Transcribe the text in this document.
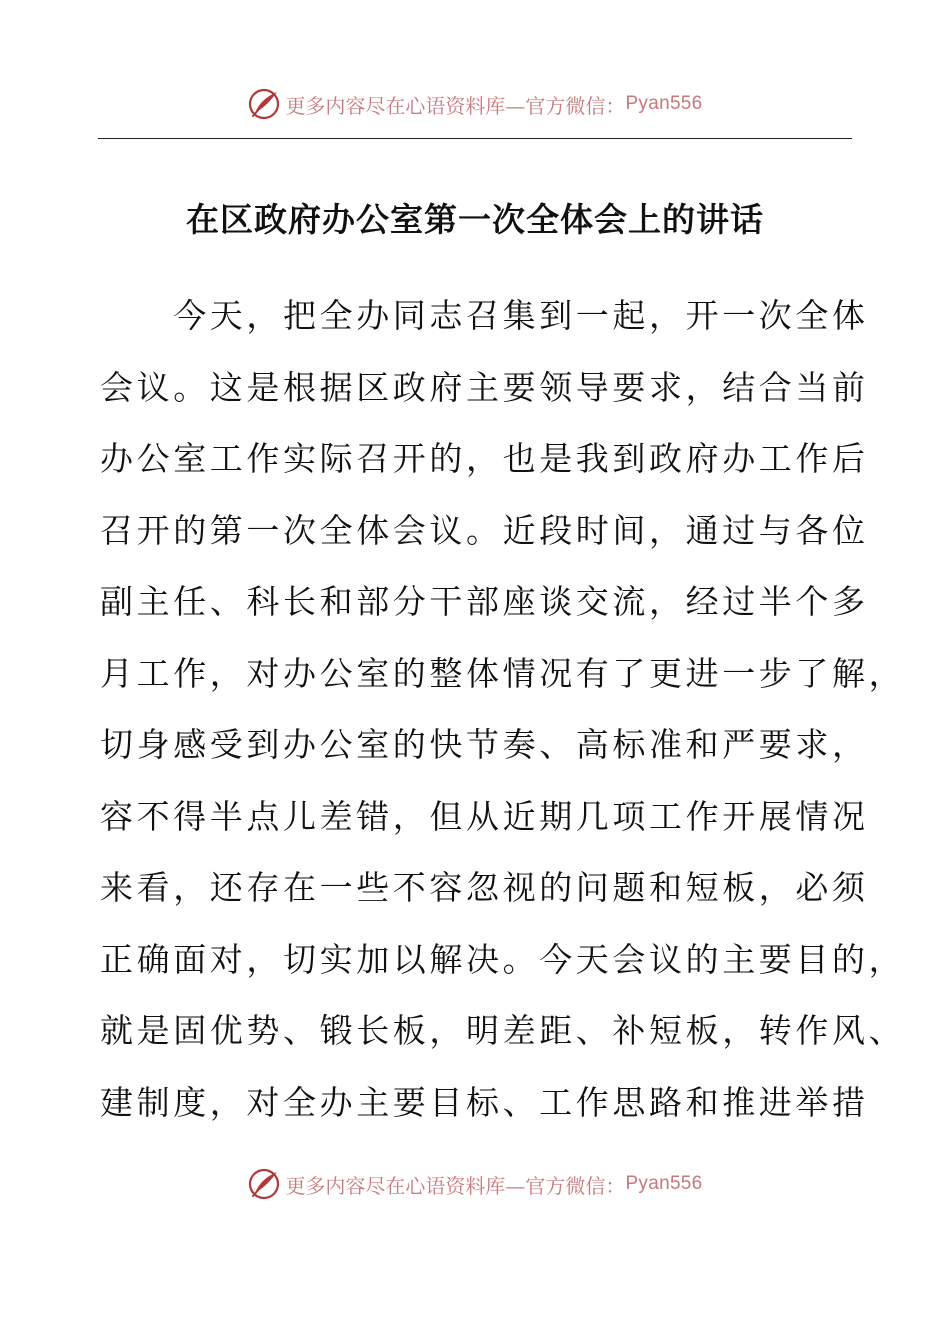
更多内容尽在心语资料库—官方微信： Pyan556
在区政府办公室第一次全体会上的讲话
　　今天，把全办同志召集到一起，开一次全体
会议。这是根据区政府主要领导要求，结合当前
办公室工作实际召开的，也是我到政府办工作后
召开的第一次全体会议。近段时间，通过与各位
副主任、科长和部分干部座谈交流，经过半个多
月工作，对办公室的整体情况有了更进一步了解，
切身感受到办公室的快节奏、高标准和严要求，
容不得半点儿差错，但从近期几项工作开展情况
来看，还存在一些不容忽视的问题和短板，必须
正确面对，切实加以解决。今天会议的主要目的，
就是固优势、锻长板，明差距、补短板，转作风、
建制度，对全办主要目标、工作思路和推进举措
更多内容尽在心语资料库—官方微信： Pyan556
